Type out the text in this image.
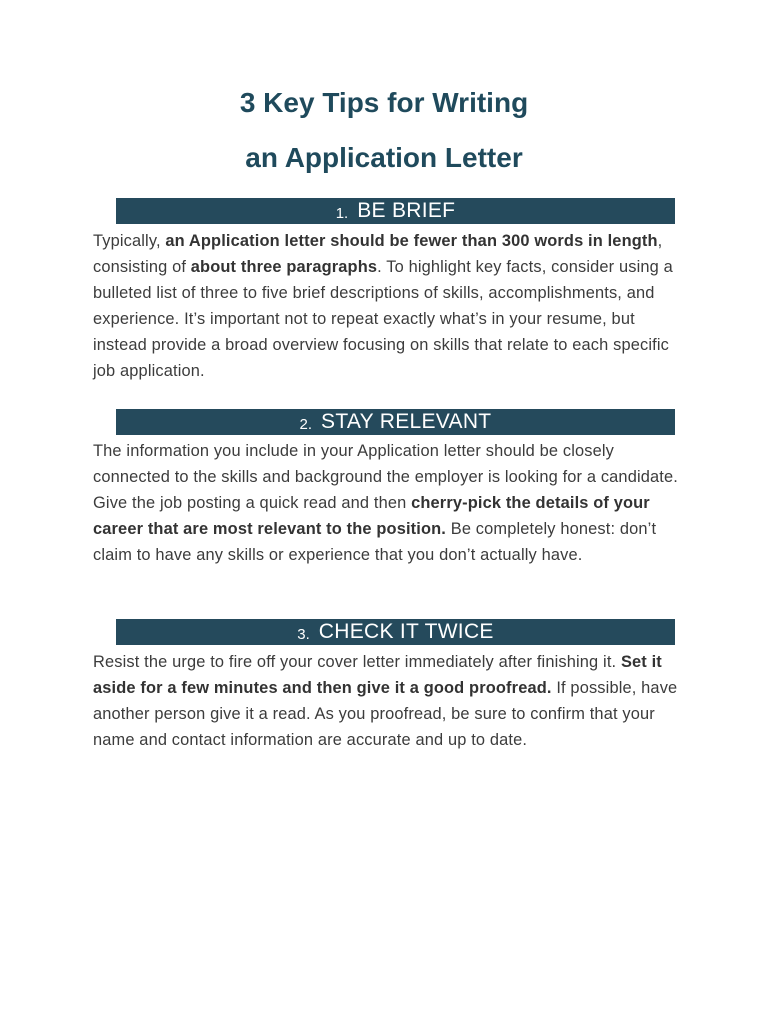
3 Key Tips for Writing
an Application Letter
1. BE BRIEF

Typically, an Application letter should be fewer than 300 words in length, consisting of about three paragraphs. To highlight key facts, consider using a bulleted list of three to five brief descriptions of skills, accomplishments, and experience. It’s important not to repeat exactly what’s in your resume, but instead provide a broad overview focusing on skills that relate to each specific job application.

2. STAY RELEVANT

The information you include in your Application letter should be closely connected to the skills and background the employer is looking for a candidate. Give the job posting a quick read and then cherry-pick the details of your career that are most relevant to the position. Be completely honest: don’t claim to have any skills or experience that you don’t actually have.

3. CHECK IT TWICE

Resist the urge to fire off your cover letter immediately after finishing it. Set it aside for a few minutes and then give it a good proofread. If possible, have another person give it a read. As you proofread, be sure to confirm that your name and contact information are accurate and up to date.
